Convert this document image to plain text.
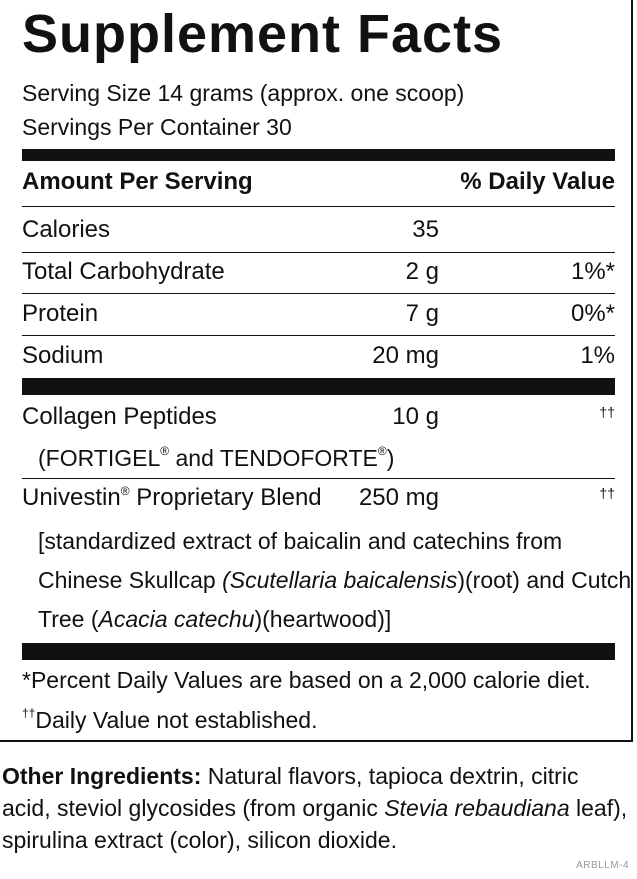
Supplement Facts
Serving Size 14 grams (approx. one scoop)
Servings Per Container 30
Amount Per Serving	% Daily Value
Calories	35
Total Carbohydrate	2 g	1%*
Protein	7 g	0%*
Sodium	20 mg	1%
Collagen Peptides	10 g	††
(FORTIGEL® and TENDOFORTE®)
Univestin® Proprietary Blend 250 mg	††
[standardized extract of baicalin and catechins from
Chinese Skullcap (Scutellaria baicalensis)(root) and Cutch
Tree (Acacia catechu)(heartwood)]
*Percent Daily Values are based on a 2,000 calorie diet.
††Daily Value not established.
Other Ingredients: Natural flavors, tapioca dextrin, citric acid, steviol glycosides (from organic Stevia rebaudiana leaf), spirulina extract (color), silicon dioxide.
ARBLLM-4
